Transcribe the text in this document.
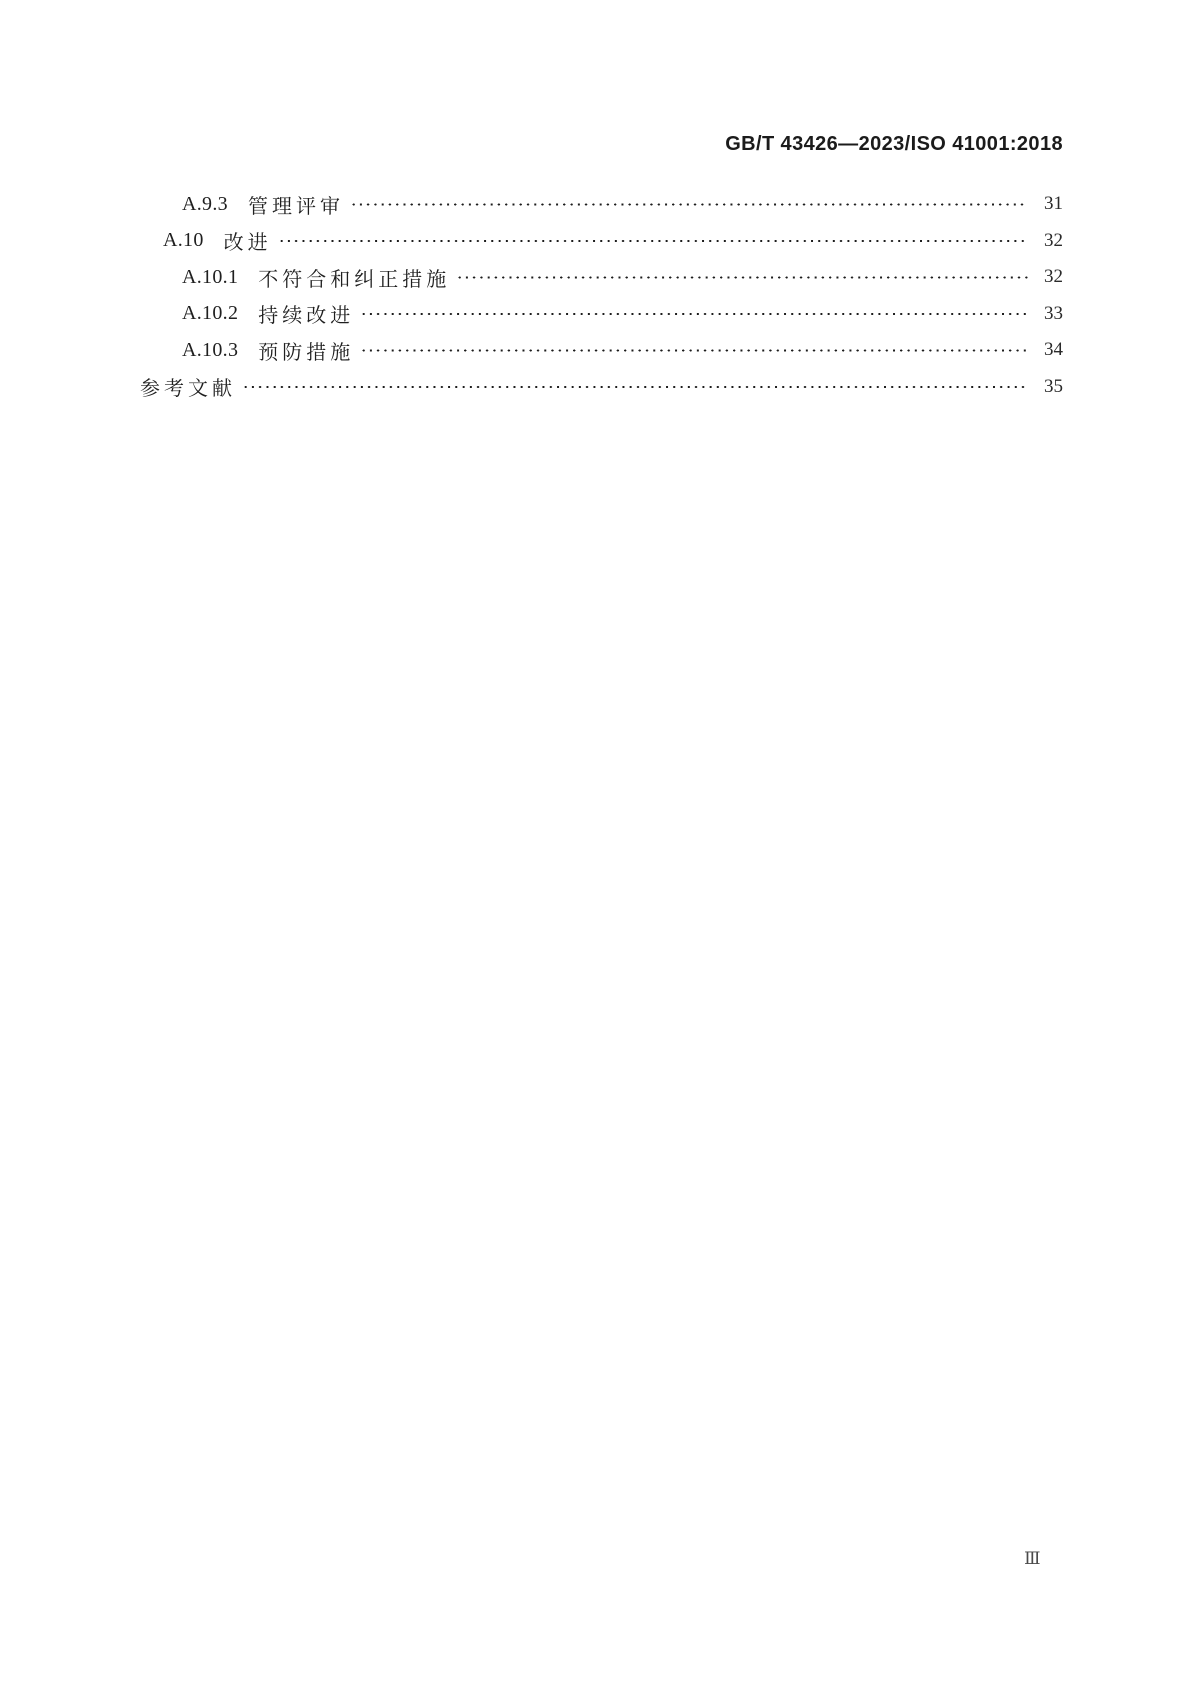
GB/T 43426—2023/ISO 41001:2018
A.9.3 管理评审	31
A.10 改进	32
A.10.1 不符合和纠正措施	32
A.10.2 持续改进	33
A.10.3 预防措施	34
参考文献	35
Ⅲ
